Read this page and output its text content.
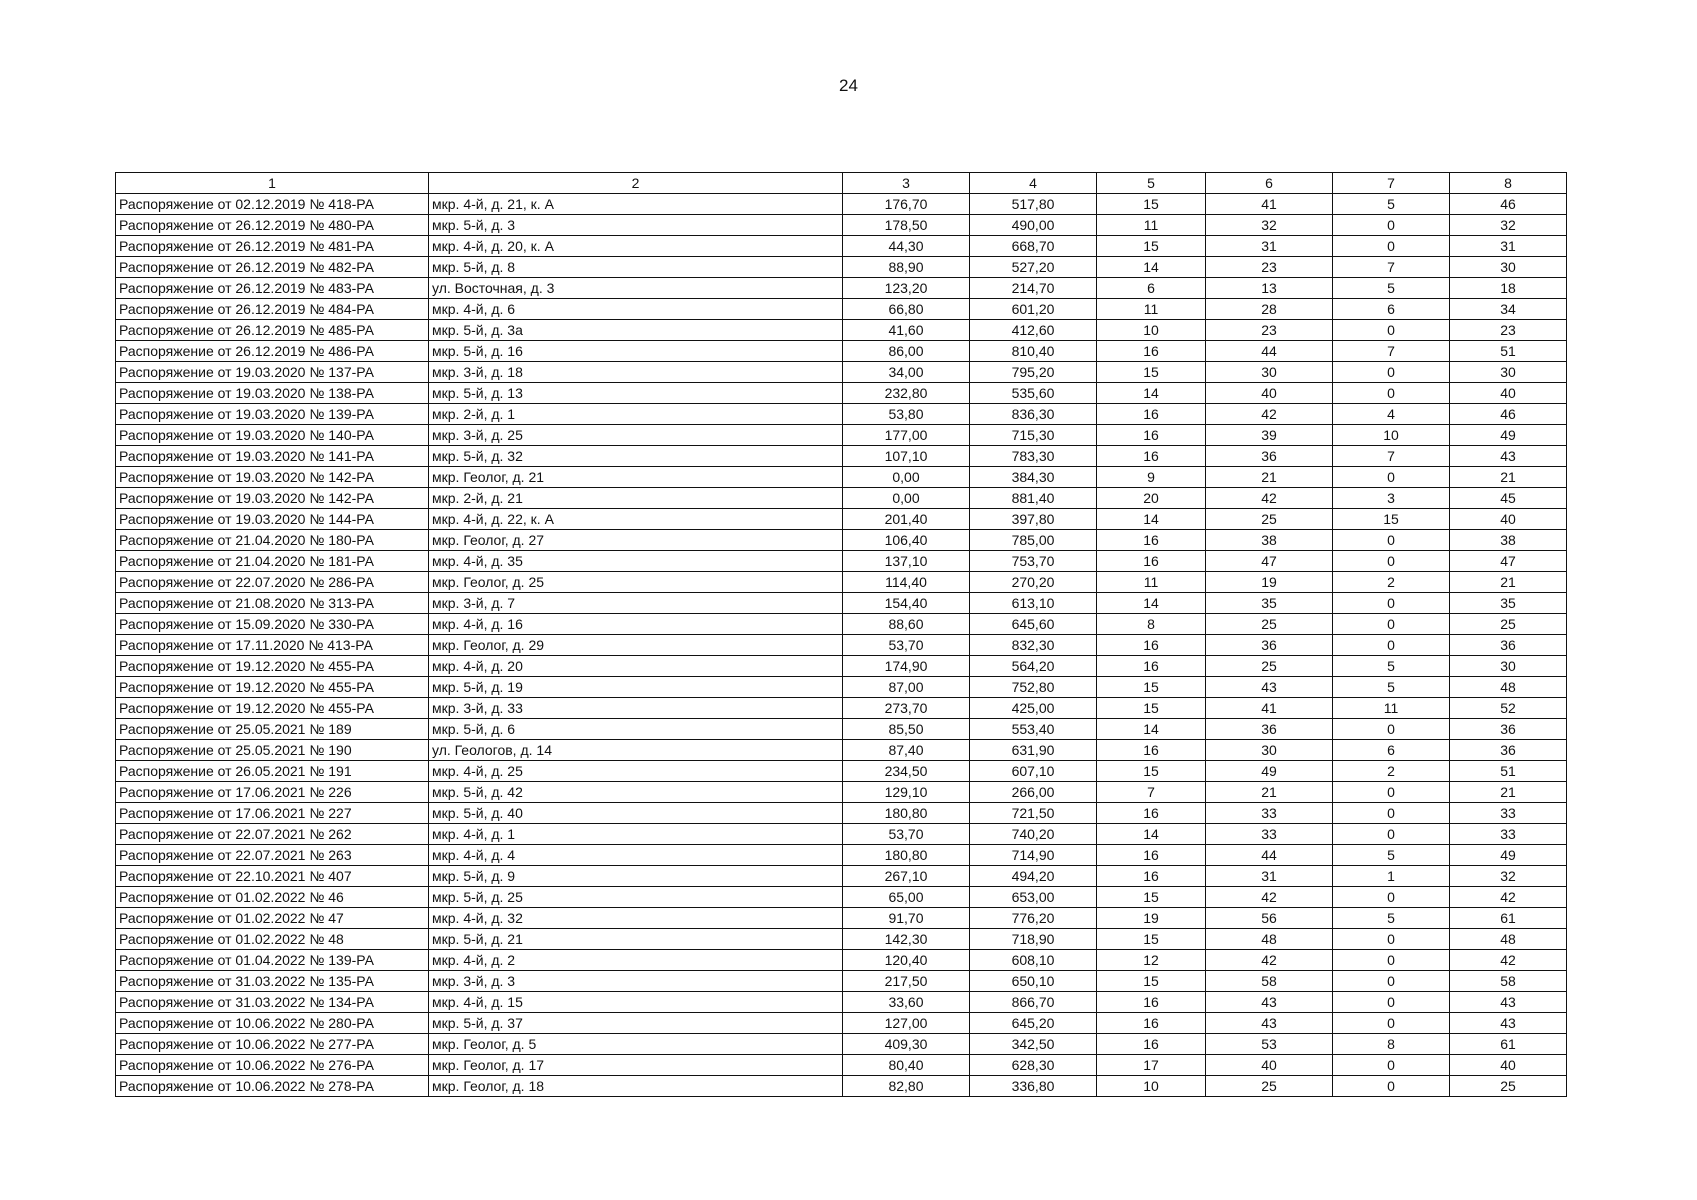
24
1	2	3	4	5	6	7	8
Распоряжение от 02.12.2019 № 418-РА	мкр. 4-й, д. 21, к. А	176,70	517,80	15	41	5	46
Распоряжение от 26.12.2019 № 480-РА	мкр. 5-й, д. 3	178,50	490,00	11	32	0	32
Распоряжение от 26.12.2019 № 481-РА	мкр. 4-й, д. 20, к. А	44,30	668,70	15	31	0	31
Распоряжение от 26.12.2019 № 482-РА	мкр. 5-й, д. 8	88,90	527,20	14	23	7	30
Распоряжение от 26.12.2019 № 483-РА	ул. Восточная, д. 3	123,20	214,70	6	13	5	18
Распоряжение от 26.12.2019 № 484-РА	мкр. 4-й, д. 6	66,80	601,20	11	28	6	34
Распоряжение от 26.12.2019 № 485-РА	мкр. 5-й, д. 3а	41,60	412,60	10	23	0	23
Распоряжение от 26.12.2019 № 486-РА	мкр. 5-й, д. 16	86,00	810,40	16	44	7	51
Распоряжение от 19.03.2020 № 137-РА	мкр. 3-й, д. 18	34,00	795,20	15	30	0	30
Распоряжение от 19.03.2020 № 138-РА	мкр. 5-й, д. 13	232,80	535,60	14	40	0	40
Распоряжение от 19.03.2020 № 139-РА	мкр. 2-й, д. 1	53,80	836,30	16	42	4	46
Распоряжение от 19.03.2020 № 140-РА	мкр. 3-й, д. 25	177,00	715,30	16	39	10	49
Распоряжение от 19.03.2020 № 141-РА	мкр. 5-й, д. 32	107,10	783,30	16	36	7	43
Распоряжение от 19.03.2020 № 142-РА	мкр. Геолог, д. 21	0,00	384,30	9	21	0	21
Распоряжение от 19.03.2020 № 142-РА	мкр. 2-й, д. 21	0,00	881,40	20	42	3	45
Распоряжение от 19.03.2020 № 144-РА	мкр. 4-й, д. 22, к. А	201,40	397,80	14	25	15	40
Распоряжение от 21.04.2020 № 180-РА	мкр. Геолог, д. 27	106,40	785,00	16	38	0	38
Распоряжение от 21.04.2020 № 181-РА	мкр. 4-й, д. 35	137,10	753,70	16	47	0	47
Распоряжение от 22.07.2020 № 286-РА	мкр. Геолог, д. 25	114,40	270,20	11	19	2	21
Распоряжение от 21.08.2020 № 313-РА	мкр. 3-й, д. 7	154,40	613,10	14	35	0	35
Распоряжение от 15.09.2020 № 330-РА	мкр. 4-й, д. 16	88,60	645,60	8	25	0	25
Распоряжение от 17.11.2020 № 413-РА	мкр. Геолог, д. 29	53,70	832,30	16	36	0	36
Распоряжение от 19.12.2020 № 455-РА	мкр. 4-й, д. 20	174,90	564,20	16	25	5	30
Распоряжение от 19.12.2020 № 455-РА	мкр. 5-й, д. 19	87,00	752,80	15	43	5	48
Распоряжение от 19.12.2020 № 455-РА	мкр. 3-й, д. 33	273,70	425,00	15	41	11	52
Распоряжение от 25.05.2021 № 189	мкр. 5-й, д. 6	85,50	553,40	14	36	0	36
Распоряжение от 25.05.2021 № 190	ул. Геологов, д. 14	87,40	631,90	16	30	6	36
Распоряжение от 26.05.2021 № 191	мкр. 4-й, д. 25	234,50	607,10	15	49	2	51
Распоряжение от 17.06.2021 № 226	мкр. 5-й, д. 42	129,10	266,00	7	21	0	21
Распоряжение от 17.06.2021 № 227	мкр. 5-й, д. 40	180,80	721,50	16	33	0	33
Распоряжение от 22.07.2021 № 262	мкр. 4-й, д. 1	53,70	740,20	14	33	0	33
Распоряжение от 22.07.2021 № 263	мкр. 4-й, д. 4	180,80	714,90	16	44	5	49
Распоряжение от 22.10.2021 № 407	мкр. 5-й, д. 9	267,10	494,20	16	31	1	32
Распоряжение от 01.02.2022 № 46	мкр. 5-й, д. 25	65,00	653,00	15	42	0	42
Распоряжение от 01.02.2022 № 47	мкр. 4-й, д. 32	91,70	776,20	19	56	5	61
Распоряжение от 01.02.2022 № 48	мкр. 5-й, д. 21	142,30	718,90	15	48	0	48
Распоряжение от 01.04.2022 № 139-РА	мкр. 4-й, д. 2	120,40	608,10	12	42	0	42
Распоряжение от 31.03.2022 № 135-РА	мкр. 3-й, д. 3	217,50	650,10	15	58	0	58
Распоряжение от 31.03.2022 № 134-РА	мкр. 4-й, д. 15	33,60	866,70	16	43	0	43
Распоряжение от 10.06.2022 № 280-РА	мкр. 5-й, д. 37	127,00	645,20	16	43	0	43
Распоряжение от 10.06.2022 № 277-РА	мкр. Геолог, д. 5	409,30	342,50	16	53	8	61
Распоряжение от 10.06.2022 № 276-РА	мкр. Геолог, д. 17	80,40	628,30	17	40	0	40
Распоряжение от 10.06.2022 № 278-РА	мкр. Геолог, д. 18	82,80	336,80	10	25	0	25
